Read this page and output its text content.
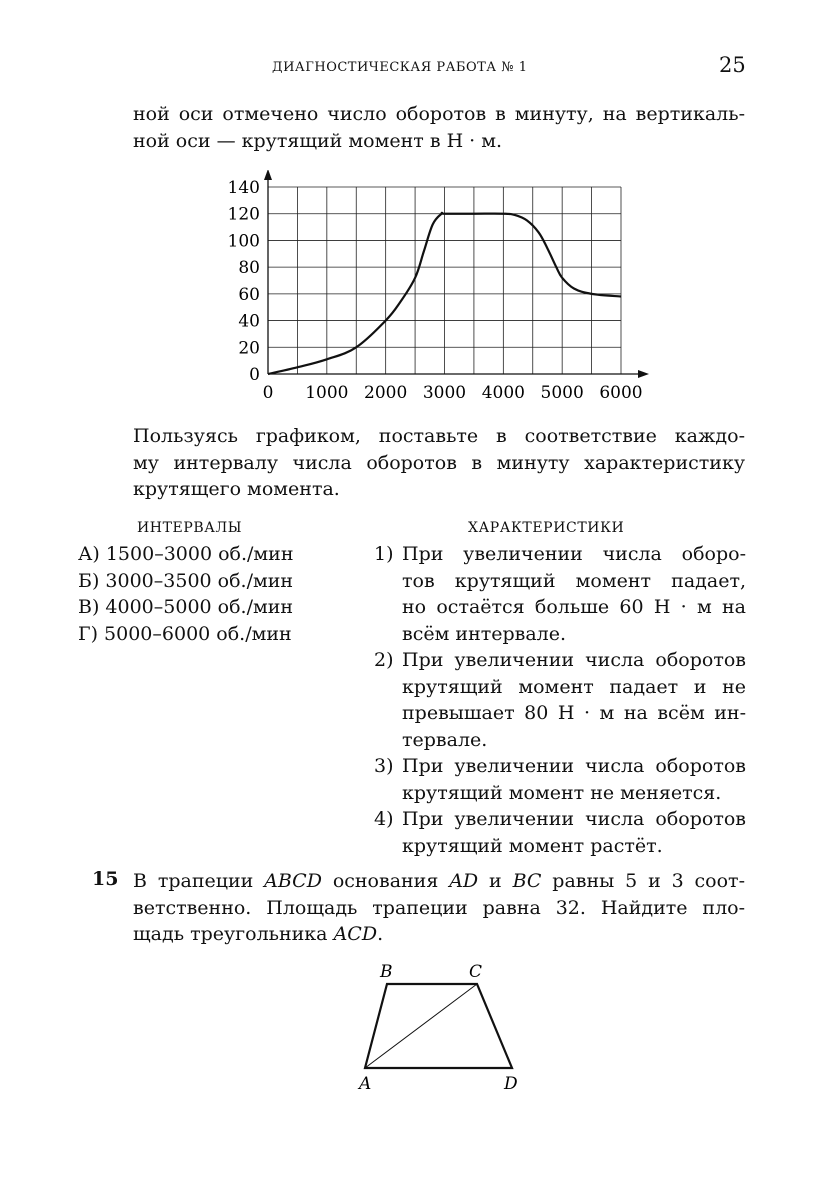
ДИАГНОСТИЧЕСКАЯ РАБОТА № 1	25
ной оси отмечено число оборотов в минуту, на вертикаль-
ной оси — крутящий момент в Н · м.
0
20
40
60
80
100
120
140
0 1000 2000 3000 4000 5000 6000
Пользуясь графиком, поставьте в соответствие каждо-
му интервалу числа оборотов в минуту характеристику
крутящего момента.
ИНТЕРВАЛЫ	ХАРАКТЕРИСТИКИ
А) 1500–3000 об./мин
Б) 3000–3500 об./мин
В) 4000–5000 об./мин
Г) 5000–6000 об./мин
1) При увеличении числа оборо-
тов крутящий момент падает,
но остаётся больше 60 Н · м на
всём интервале.
2) При увеличении числа оборотов
крутящий момент падает и не
превышает 80 Н · м на всём ин-
тервале.
3) При увеличении числа оборотов
крутящий момент не меняется.
4) При увеличении числа оборотов
крутящий момент растёт.
15 В трапеции ABCD основания AD и BC равны 5 и 3 соот-
ветственно. Площадь трапеции равна 32. Найдите пло-
щадь треугольника ACD.
B	C
A	D
